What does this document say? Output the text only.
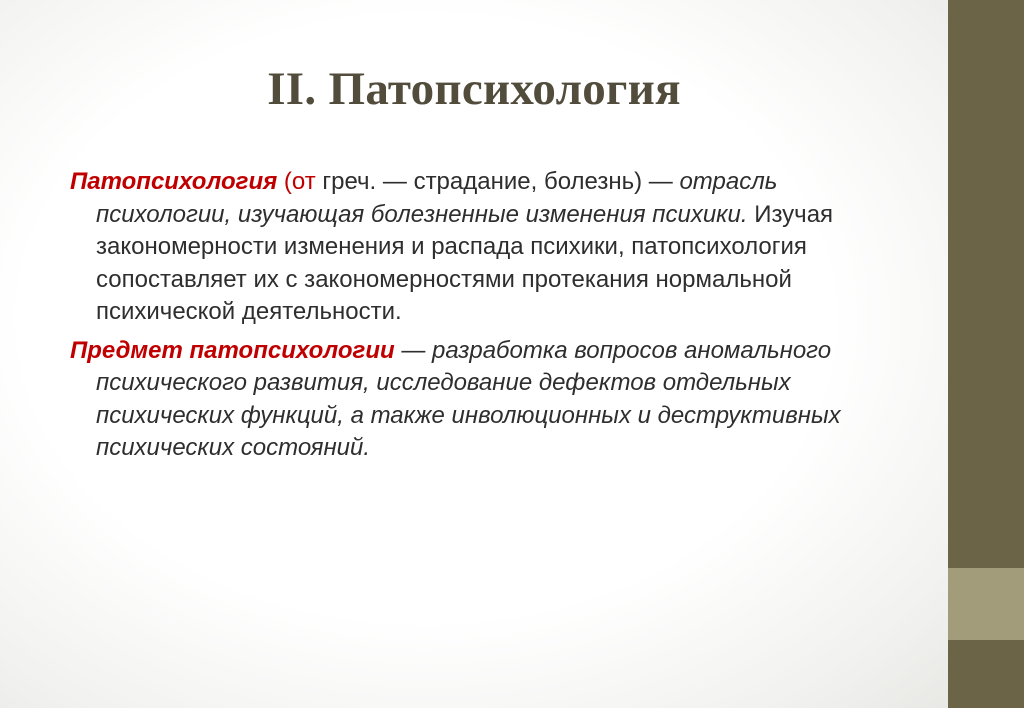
II. Патопсихология

Патопсихология (от греч. — страдание, болезнь) — отрасль психологии, изучающая болезненные изменения психики. Изучая закономерности изменения и распада психики, патопсихология сопоставляет их с закономерностями протекания нормальной психической деятельности.

Предмет патопсихологии — разработка вопросов аномального психического развития, исследование дефектов отдельных психических функций, а также инволюционных и деструктивных психических состояний.
